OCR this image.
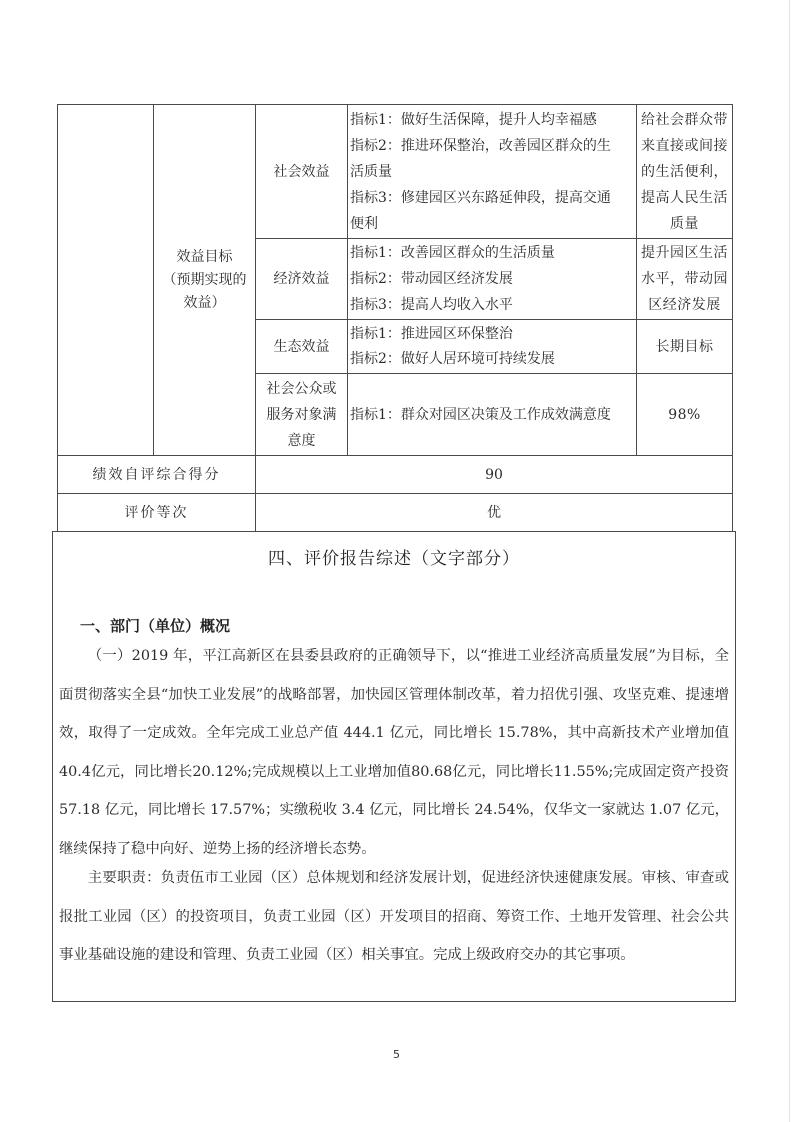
	效益目标
（预期实现的
效益）	社会效益	指标1：做好生活保障，提升人均幸福感
指标2：推进环保整治，改善园区群众的生
活质量
指标3：修建园区兴东路延伸段，提高交通
便利	给社会群众带
来直接或间接
的生活便利，
提高人民生活
质量

		经济效益	指标1：改善园区群众的生活质量
指标2：带动园区经济发展
指标3：提高人均收入水平	提升园区生活
水平，带动园
区经济发展

		生态效益	指标1：推进园区环保整治
指标2：做好人居环境可持续发展	长期目标

		社会公众或
服务对象满
意度	指标1：群众对园区决策及工作成效满意度	98%

绩效自评综合得分		90		
评价等次		优		
四、评价报告综述（文字部分）
一、部门（单位）概况

（一）2019 年，平江高新区在县委县政府的正确领导下，以“推进工业经济高质量发展”为目标，全面贯彻落实全县“加快工业发展”的战略部署，加快园区管理体制改革，着力招优引强、攻坚克难、提速增效，取得了一定成效。全年完成工业总产值 444.1 亿元，同比增长 15.78%，其中高新技术产业增加值40.4亿元，同比增长20.12%;完成规模以上工业增加值80.68亿元，同比增长11.55%;完成固定资产投资 57.18 亿元，同比增长 17.57%；实缴税收 3.4 亿元，同比增长 24.54%，仅华文一家就达 1.07 亿元，继续保持了稳中向好、逆势上扬的经济增长态势。

主要职责：负责伍市工业园（区）总体规划和经济发展计划，促进经济快速健康发展。审核、审查或报批工业园（区）的投资项目，负责工业园（区）开发项目的招商、筹资工作、土地开发管理、社会公共事业基础设施的建设和管理、负责工业园（区）相关事宜。完成上级政府交办的其它事项。

5
